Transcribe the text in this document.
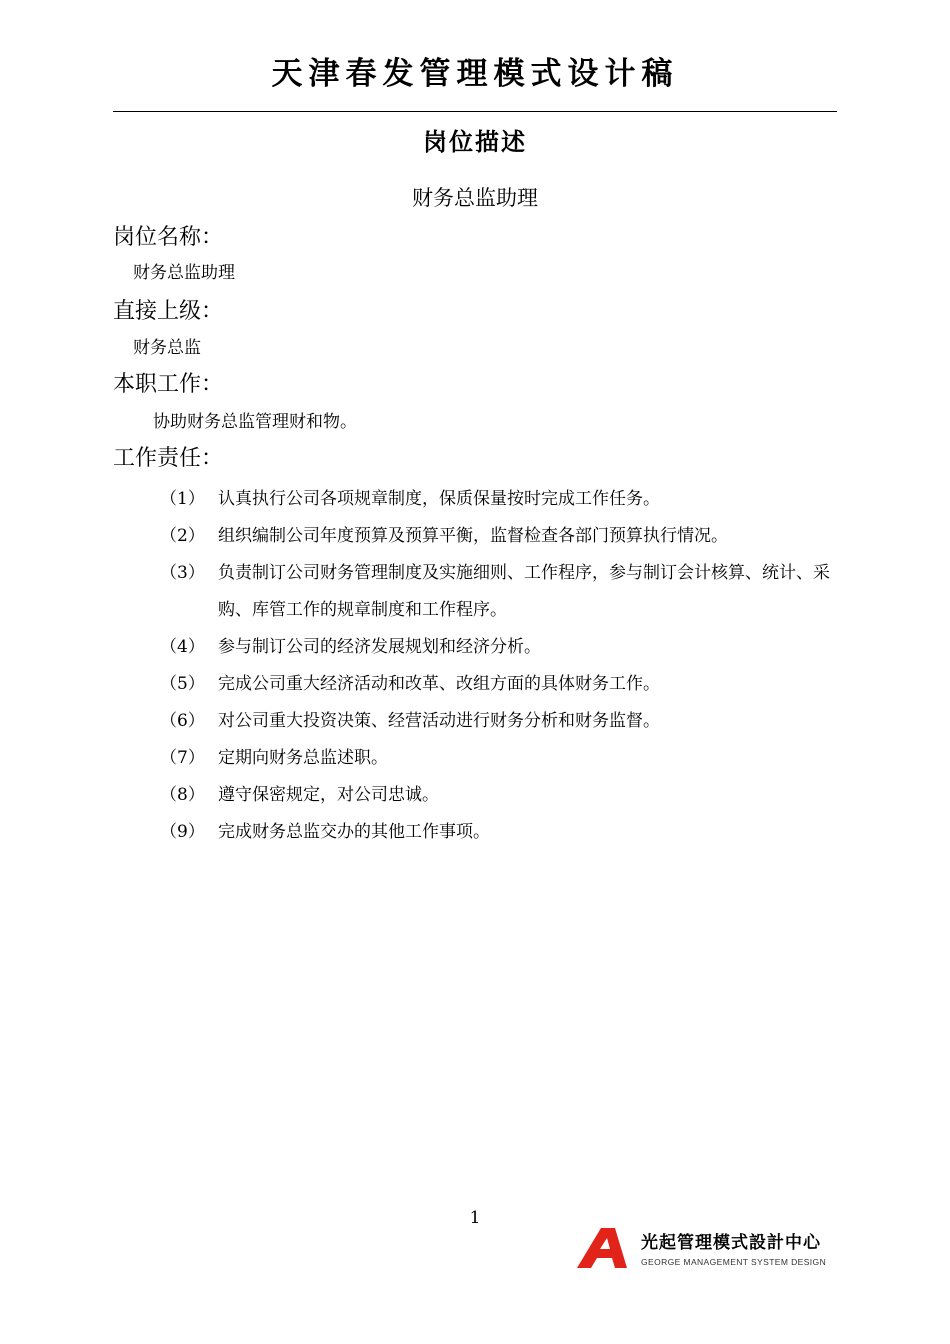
天津春发管理模式设计稿
岗位描述
财务总监助理
岗位名称：
财务总监助理
直接上级：
财务总监
本职工作：
协助财务总监管理财和物。
工作责任：
（1） 认真执行公司各项规章制度，保质保量按时完成工作任务。
（2） 组织编制公司年度预算及预算平衡，监督检查各部门预算执行情况。
（3） 负责制订公司财务管理制度及实施细则、工作程序，参与制订会计核算、统计、采购、库管工作的规章制度和工作程序。
（4） 参与制订公司的经济发展规划和经济分析。
（5） 完成公司重大经济活动和改革、改组方面的具体财务工作。
（6） 对公司重大投资决策、经营活动进行财务分析和财务监督。
（7） 定期向财务总监述职。
（8） 遵守保密规定，对公司忠诚。
（9） 完成财务总监交办的其他工作事项。
1
光起管理模式設計中心
GEORGE MANAGEMENT SYSTEM DESIGN
